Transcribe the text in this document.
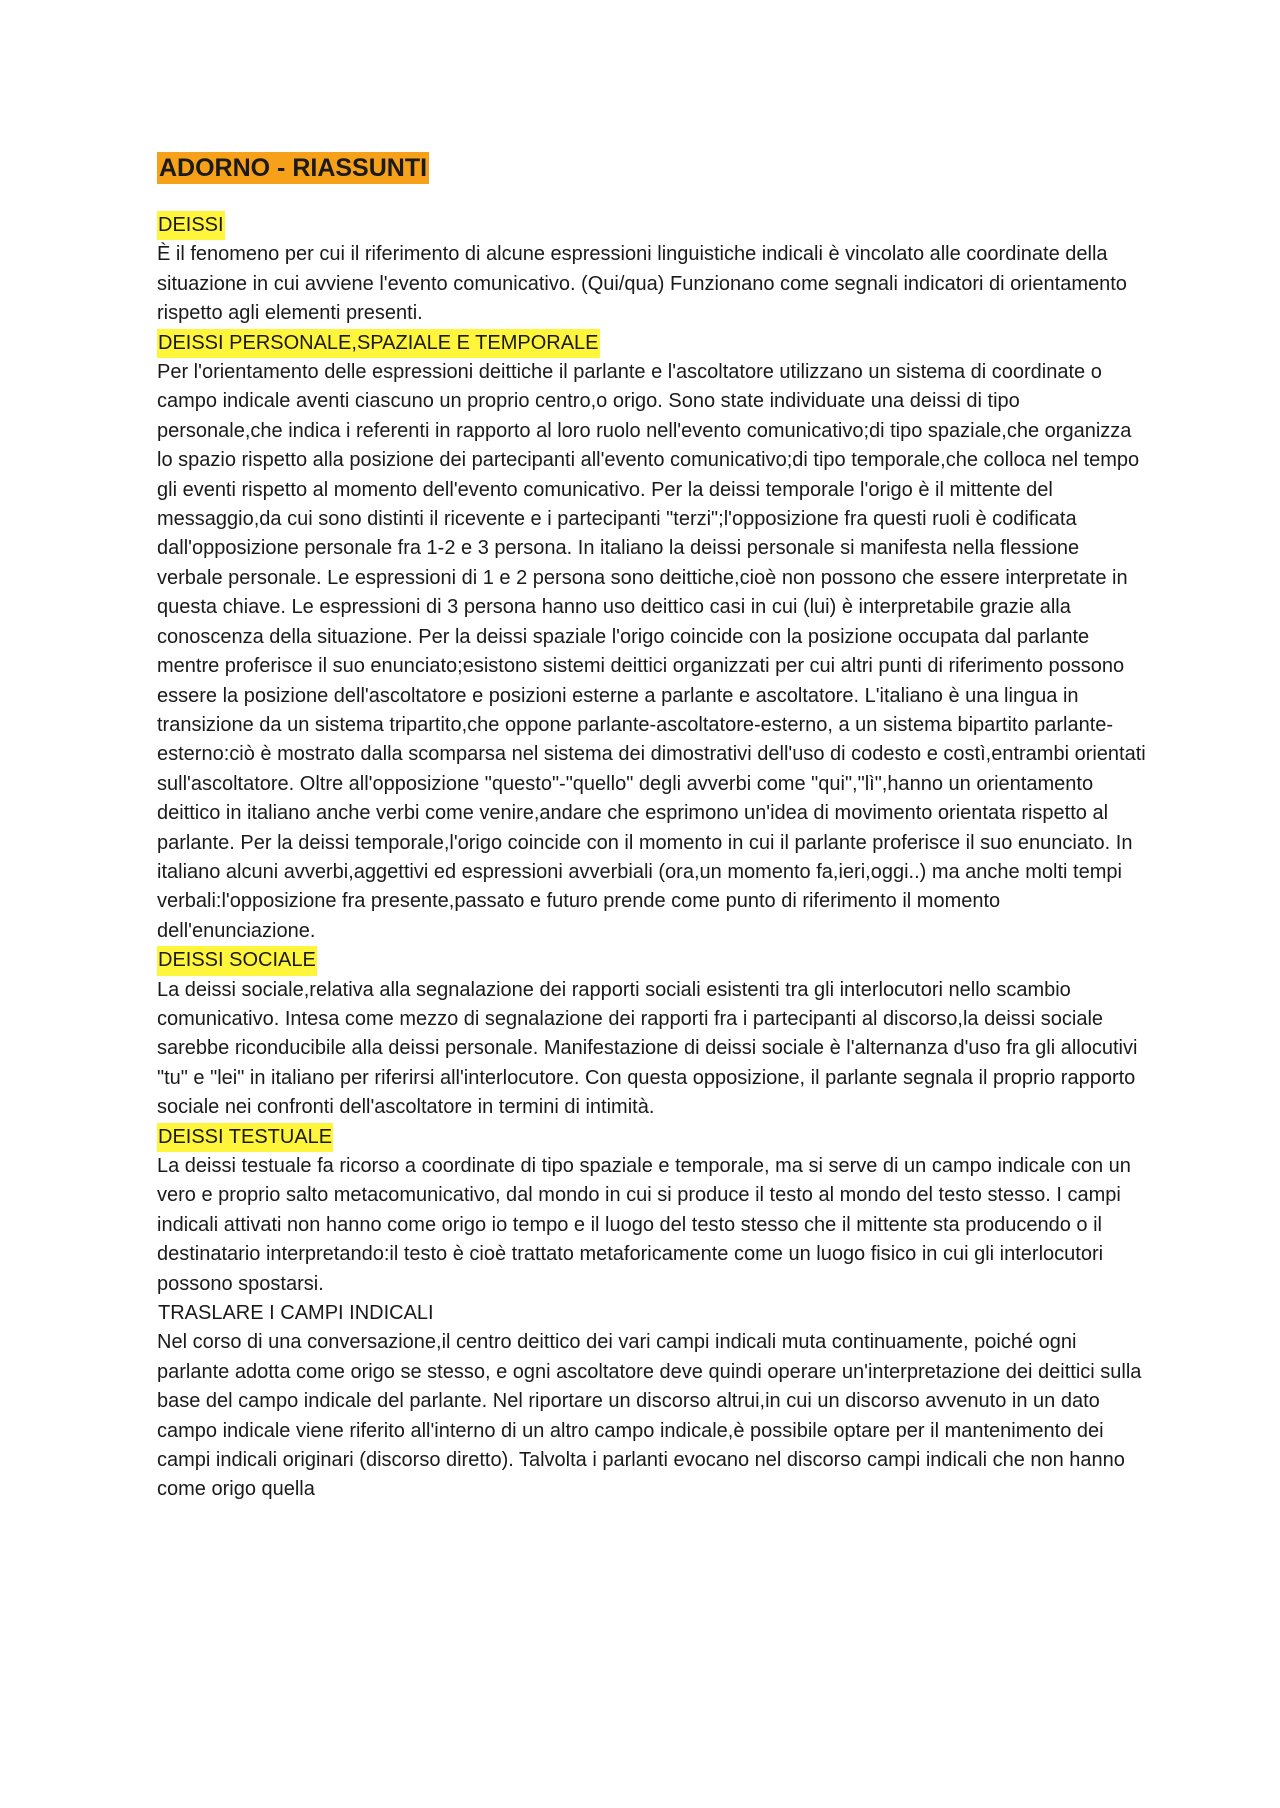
ADORNO - RIASSUNTI
DEISSI

È il fenomeno per cui il riferimento di alcune espressioni linguistiche indicali è vincolato alle coordinate della situazione in cui avviene l'evento comunicativo. (Qui/qua) Funzionano come segnali indicatori di orientamento rispetto agli elementi presenti.

DEISSI PERSONALE,SPAZIALE E TEMPORALE

Per l'orientamento delle espressioni deittiche il parlante e l'ascoltatore utilizzano un sistema di coordinate o campo indicale aventi ciascuno un proprio centro,o origo. Sono state individuate una deissi di tipo personale,che indica i referenti in rapporto al loro ruolo nell'evento comunicativo;di tipo spaziale,che organizza lo spazio rispetto alla posizione dei partecipanti all'evento comunicativo;di tipo temporale,che colloca nel tempo gli eventi rispetto al momento dell'evento comunicativo. Per la deissi temporale l'origo è il mittente del messaggio,da cui sono distinti il ricevente e i partecipanti "terzi";l'opposizione fra questi ruoli è codificata dall'opposizione personale fra 1-2 e 3 persona. In italiano la deissi personale si manifesta nella flessione verbale personale. Le espressioni di 1 e 2 persona sono deittiche,cioè non possono che essere interpretate in questa chiave. Le espressioni di 3 persona hanno uso deittico casi in cui (lui) è interpretabile grazie alla conoscenza della situazione. Per la deissi spaziale l'origo coincide con la posizione occupata dal parlante mentre proferisce il suo enunciato;esistono sistemi deittici organizzati per cui altri punti di riferimento possono essere la posizione dell'ascoltatore e posizioni esterne a parlante e ascoltatore. L'italiano è una lingua in transizione da un sistema tripartito,che oppone parlante-ascoltatore-esterno, a un sistema bipartito parlante-esterno:ciò è mostrato dalla scomparsa nel sistema dei dimostrativi dell'uso di codesto e costì,entrambi orientati sull'ascoltatore. Oltre all'opposizione "questo"-"quello" degli avverbi come "qui","lì",hanno un orientamento deittico in italiano anche verbi come venire,andare che esprimono un'idea di movimento orientata rispetto al parlante. Per la deissi temporale,l'origo coincide con il momento in cui il parlante proferisce il suo enunciato. In italiano alcuni avverbi,aggettivi ed espressioni avverbiali (ora,un momento fa,ieri,oggi..) ma anche molti tempi verbali:l'opposizione fra presente,passato e futuro prende come punto di riferimento il momento dell'enunciazione.

DEISSI SOCIALE

La deissi sociale,relativa alla segnalazione dei rapporti sociali esistenti tra gli interlocutori nello scambio comunicativo. Intesa come mezzo di segnalazione dei rapporti fra i partecipanti al discorso,la deissi sociale sarebbe riconducibile alla deissi personale. Manifestazione di deissi sociale è l'alternanza d'uso fra gli allocutivi "tu" e "lei" in italiano per riferirsi all'interlocutore. Con questa opposizione, il parlante segnala il proprio rapporto sociale nei confronti dell'ascoltatore in termini di intimità.

DEISSI TESTUALE

La deissi testuale fa ricorso a coordinate di tipo spaziale e temporale, ma si serve di un campo indicale con un vero e proprio salto metacomunicativo, dal mondo in cui si produce il testo al mondo del testo stesso. I campi indicali attivati non hanno come origo io tempo e il luogo del testo stesso che il mittente sta producendo o il destinatario interpretando:il testo è cioè trattato metaforicamente come un luogo fisico in cui gli interlocutori possono spostarsi.

TRASLARE I CAMPI INDICALI

Nel corso di una conversazione,il centro deittico dei vari campi indicali muta continuamente, poiché ogni parlante adotta come origo se stesso, e ogni ascoltatore deve quindi operare un'interpretazione dei deittici sulla base del campo indicale del parlante. Nel riportare un discorso altrui,in cui un discorso avvenuto in un dato campo indicale viene riferito all'interno di un altro campo indicale,è possibile optare per il mantenimento dei campi indicali originari (discorso diretto). Talvolta i parlanti evocano nel discorso campi indicali che non hanno come origo quella
